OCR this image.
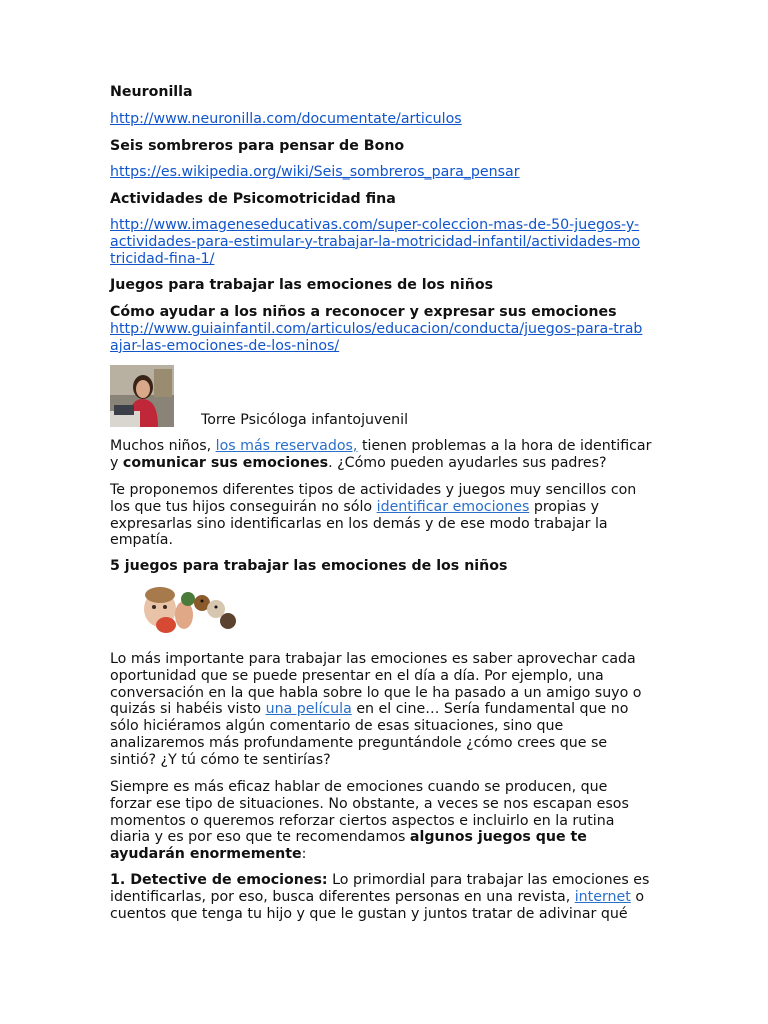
Neuronilla

http://www.neuronilla.com/documentate/articulos

Seis sombreros para pensar de Bono

https://es.wikipedia.org/wiki/Seis_sombreros_para_pensar

Actividades de Psicomotricidad fina

http://www.imageneseducativas.com/super-coleccion-mas-de-50-juegos-y-actividades-para-estimular-y-trabajar-la-motricidad-infantil/actividades-motricidad-fina-1/

Juegos para trabajar las emociones de los niños

Cómo ayudar a los niños a reconocer y expresar sus emociones

http://www.guiainfantil.com/articulos/educacion/conducta/juegos-para-trabajar-las-emociones-de-los-ninos/

Torre Psicóloga infantojuvenil

Muchos niños, los más reservados, tienen problemas a la hora de identificar y comunicar sus emociones. ¿Cómo pueden ayudarles sus padres?

Te proponemos diferentes tipos de actividades y juegos muy sencillos con los que tus hijos conseguirán no sólo identificar emociones propias y expresarlas sino identificarlas en los demás y de ese modo trabajar la empatía.

5 juegos para trabajar las emociones de los niños

Lo más importante para trabajar las emociones es saber aprovechar cada oportunidad que se puede presentar en el día a día. Por ejemplo, una conversación en la que habla sobre lo que le ha pasado a un amigo suyo o quizás si habéis visto una película en el cine… Sería fundamental que no sólo hiciéramos algún comentario de esas situaciones, sino que analizaremos más profundamente preguntándole ¿cómo crees que se sintió? ¿Y tú cómo te sentirías?

Siempre es más eficaz hablar de emociones cuando se producen, que forzar ese tipo de situaciones. No obstante, a veces se nos escapan esos momentos o queremos reforzar ciertos aspectos e incluirlo en la rutina diaria y es por eso que te recomendamos algunos juegos que te ayudarán enormemente:

1. Detective de emociones: Lo primordial para trabajar las emociones es identificarlas, por eso, busca diferentes personas en una revista, internet o cuentos que tenga tu hijo y que le gustan y juntos tratar de adivinar qué
